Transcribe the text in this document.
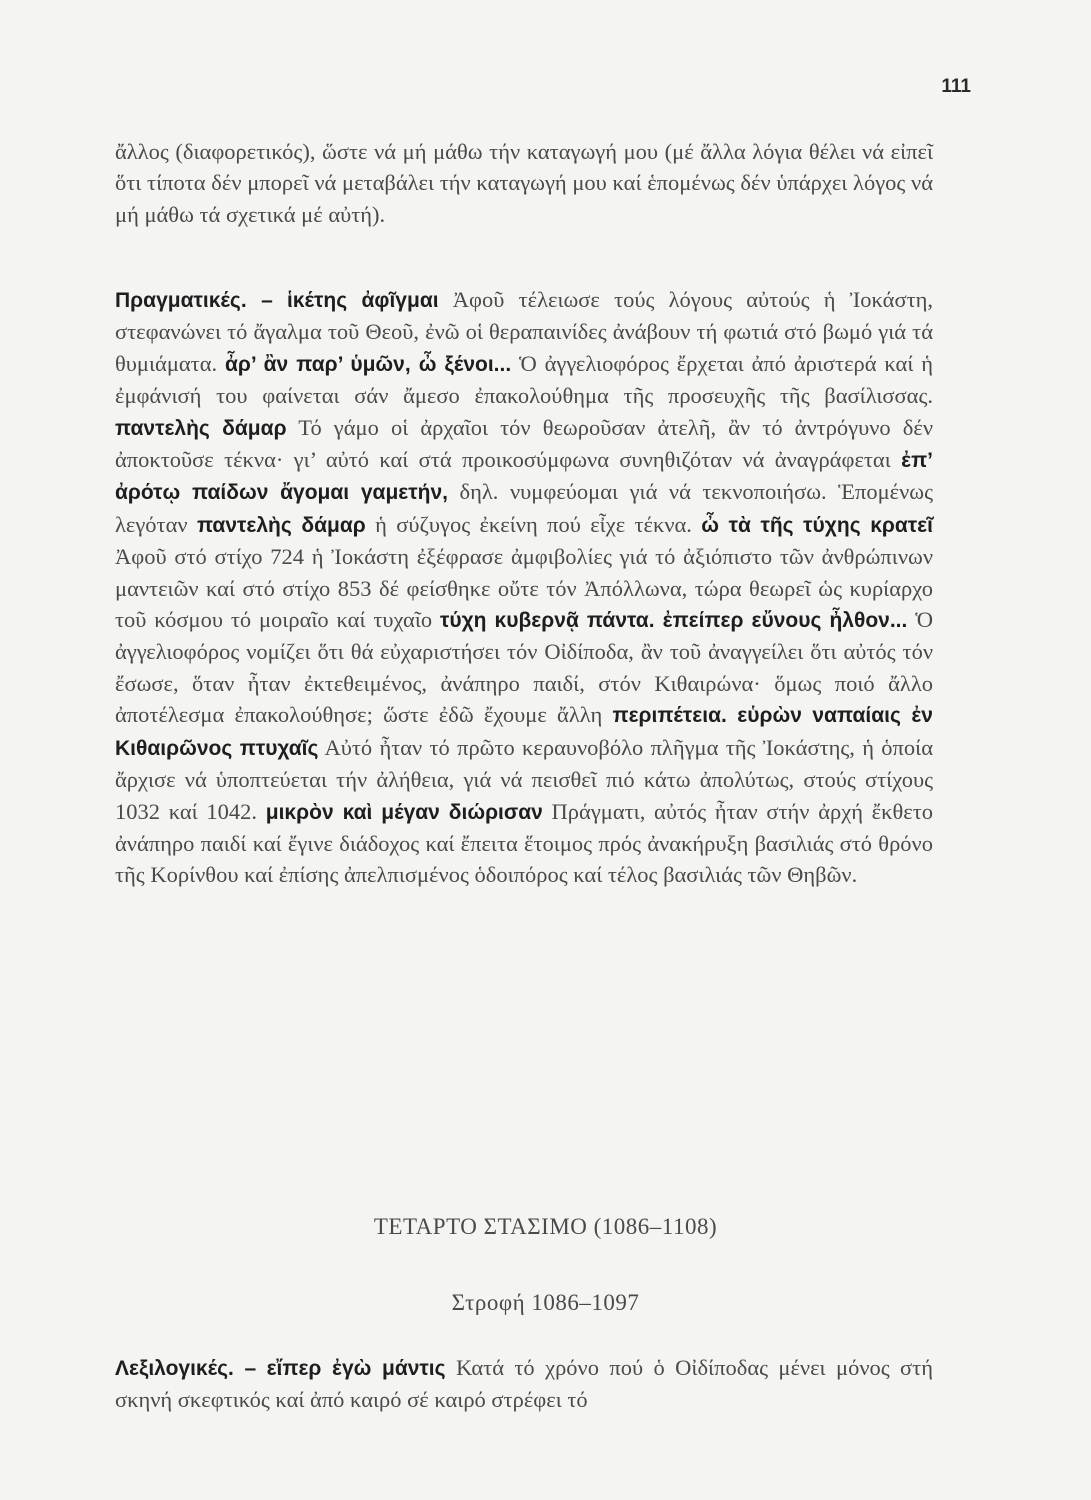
111

ἄλλος (διαφορετικός), ὥστε νά μή μάθω τήν καταγωγή μου (μέ ἄλλα λόγια θέλει νά εἰπεῖ ὅτι τίποτα δέν μπορεῖ νά μεταβάλει τήν καταγωγή μου καί ἑπομένως δέν ὑπάρχει λόγος νά μή μάθω τά σχετικά μέ αὐτή).

Πραγματικές. – ἱκέτης ἀφῖγμαι Ἀφοῦ τέλειωσε τούς λόγους αὐτούς ἡ Ἰοκάστη, στεφανώνει τό ἄγαλμα τοῦ Θεοῦ, ἐνῶ οἱ θεραπαινίδες ἀνάβουν τή φωτιά στό βωμό γιά τά θυμιάματα. ἆρ’ ἂν παρ’ ὑμῶν, ὦ ξένοι... Ὁ ἀγγελιοφόρος ἔρχεται ἀπό ἀριστερά καί ἡ ἐμφάνισή του φαίνεται σάν ἄμεσο ἐπακολούθημα τῆς προσευχῆς τῆς βασίλισσας. παντελὴς δάμαρ Τό γάμο οἱ ἀρχαῖοι τόν θεωροῦσαν ἀτελῆ, ἂν τό ἀντρόγυνο δέν ἀποκτοῦσε τέκνα· γι’ αὐτό καί στά προικοσύμφωνα συνηθιζόταν νά ἀναγράφεται ἐπ’ ἀρότῳ παίδων ἄγομαι γαμετήν, δηλ. νυμφεύομαι γιά νά τεκνοποιήσω. Ἑπομένως λεγόταν παντελὴς δάμαρ ἡ σύζυγος ἐκείνη πού εἶχε τέκνα. ὦ τὰ τῆς τύχης κρατεῖ Ἀφοῦ στό στίχο 724 ἡ Ἰοκάστη ἐξέφρασε ἀμφιβολίες γιά τό ἀξιόπιστο τῶν ἀνθρώπινων μαντειῶν καί στό στίχο 853 δέ φείσθηκε οὔτε τόν Ἀπόλλωνα, τώρα θεωρεῖ ὡς κυρίαρχο τοῦ κόσμου τό μοιραῖο καί τυχαῖο τύχη κυβερνᾷ πάντα. ἐπείπερ εὔνους ἦλθον... Ὁ ἀγγελιοφόρος νομίζει ὅτι θά εὐχαριστήσει τόν Οἰδίποδα, ἂν τοῦ ἀναγγείλει ὅτι αὐτός τόν ἔσωσε, ὅταν ἦταν ἐκτεθειμένος, ἀνάπηρο παιδί, στόν Κιθαιρώνα· ὅμως ποιό ἄλλο ἀποτέλεσμα ἐπακολούθησε; ὥστε ἐδῶ ἔχουμε ἄλλη περιπέτεια. εὑρὼν ναπαίαις ἐν Κιθαιρῶνος πτυχαῖς Αὐτό ἦταν τό πρῶτο κεραυνοβόλο πλῆγμα τῆς Ἰοκάστης, ἡ ὁποία ἄρχισε νά ὑποπτεύεται τήν ἀλήθεια, γιά νά πεισθεῖ πιό κάτω ἀπολύτως, στούς στίχους 1032 καί 1042. μικρὸν καὶ μέγαν διώρισαν Πράγματι, αὐτός ἦταν στήν ἀρχή ἔκθετο ἀνάπηρο παιδί καί ἔγινε διάδοχος καί ἔπειτα ἕτοιμος πρός ἀνακήρυξη βασιλιάς στό θρόνο τῆς Κορίνθου καί ἐπίσης ἀπελπισμένος ὁδοιπόρος καί τέλος βασιλιάς τῶν Θηβῶν.

ΤΕΤΑΡΤΟ ΣΤΑΣΙΜΟ (1086–1108)
Στροφή 1086–1097

Λεξιλογικές. – εἴπερ ἐγὼ μάντις Κατά τό χρόνο πού ὁ Οἰδίποδας μένει μόνος στή σκηνή σκεφτικός καί ἀπό καιρό σέ καιρό στρέφει τό
